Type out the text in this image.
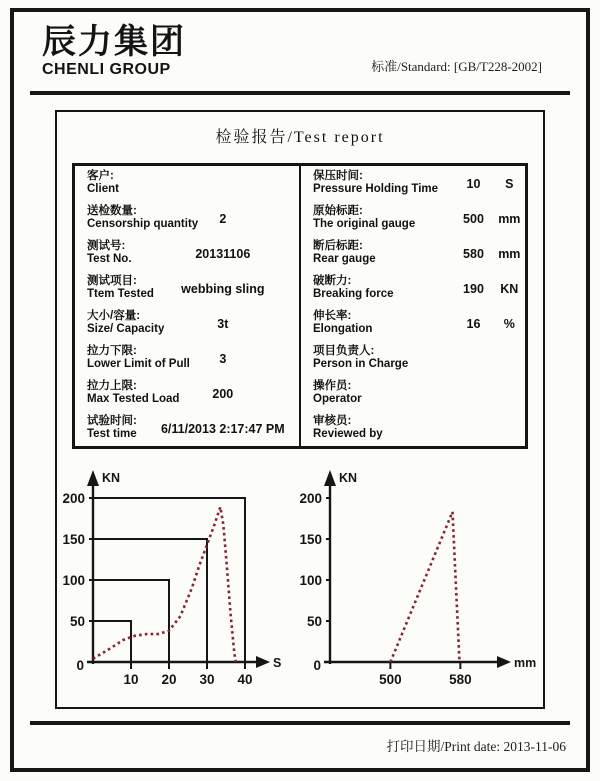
辰力集团
CHENLI GROUP	标准/Standard: [GB/T228-2002]
检验报告/Test report
客户:
Client
送检数量:
Censorship quantity	2
测试号:
Test No.	20131106
测试项目:
Ttem Tested	webbing sling
大小/容量:
Size/ Capacity	3t
拉力下限:
Lower Limit of Pull	3
拉力上限:
Max Tested Load	200
试验时间:
Test time	6/11/2013 2:17:47 PM
保压时间:
Pressure Holding Time	10 S
原始标距:
The original gauge	500 mm
断后标距:
Rear gauge	580 mm
破断力:
Breaking force	190 KN
伸长率:
Elongation	16 %
项目负责人:
Person in Charge
操作员:
Operator
审核员:
Reviewed by
KN
S
0
50
100
150
200
10 20 30 40
KN
mm
0
50
100
150
200
500	580
打印日期/Print date: 2013-11-06
